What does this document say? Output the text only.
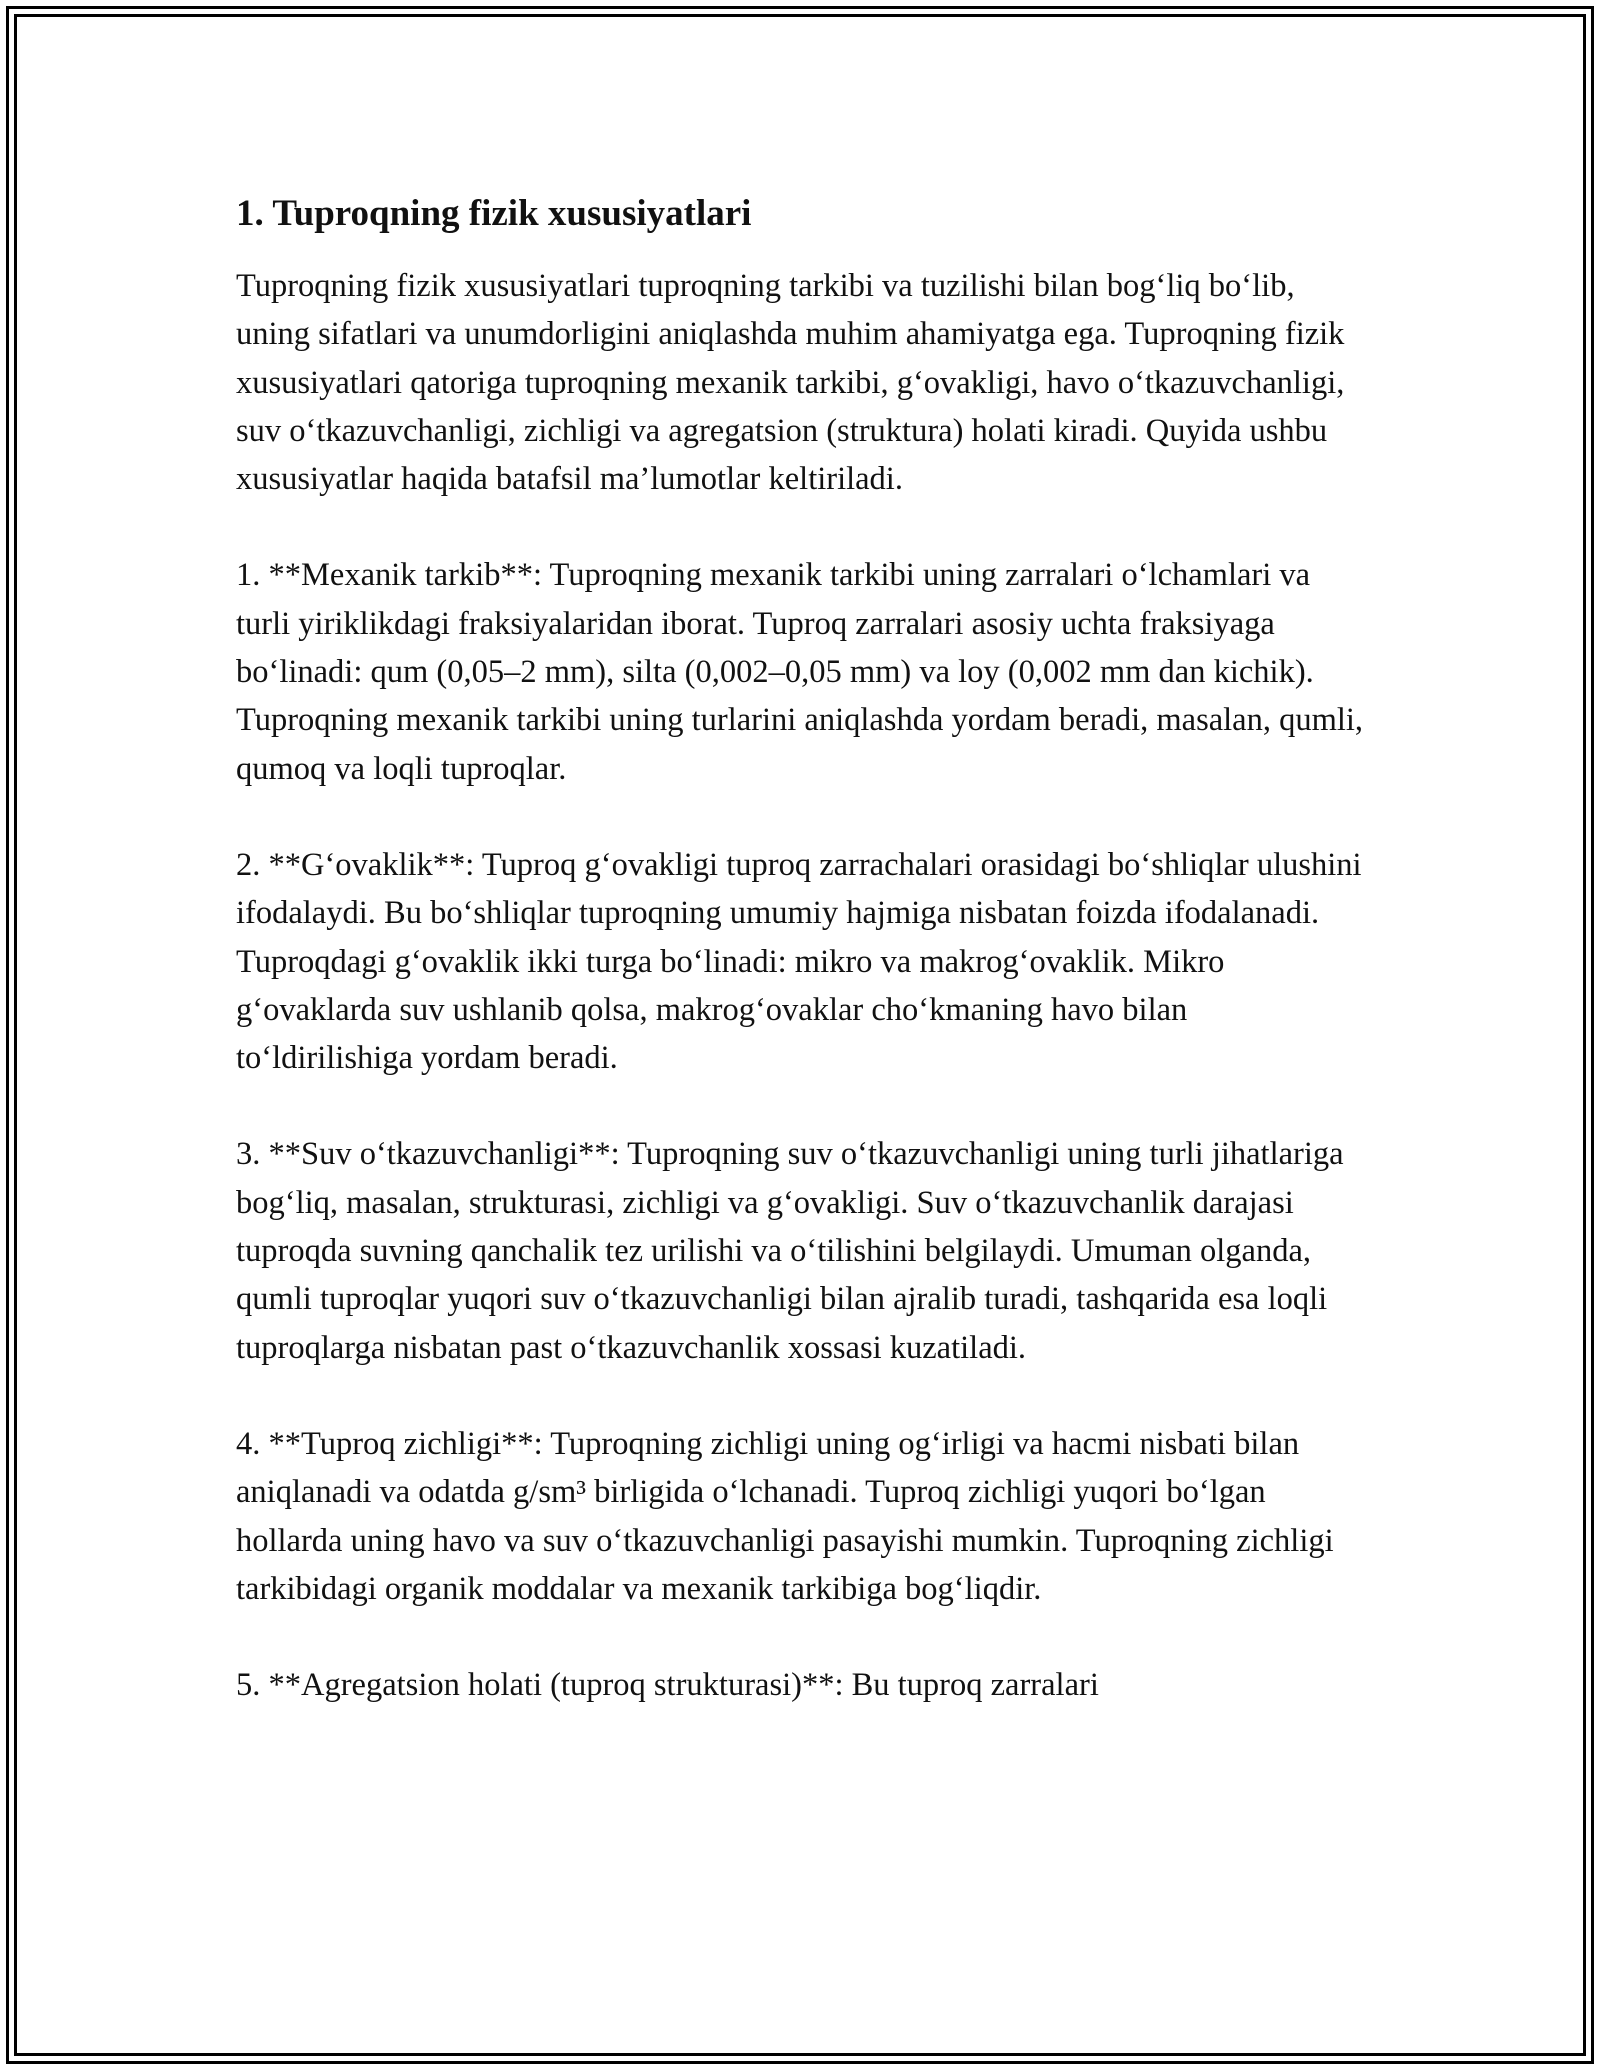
1. Tuproqning fizik xususiyatlari

Tuproqning fizik xususiyatlari tuproqning tarkibi va tuzilishi bilan bog‘liq bo‘lib, uning sifatlari va unumdorligini aniqlashda muhim ahamiyatga ega. Tuproqning fizik xususiyatlari qatoriga tuproqning mexanik tarkibi, g‘ovakligi, havo o‘tkazuvchanligi, suv o‘tkazuvchanligi, zichligi va agregatsion (struktura) holati kiradi. Quyida ushbu xususiyatlar haqida batafsil ma’lumotlar keltiriladi.

1. **Mexanik tarkib**: Tuproqning mexanik tarkibi uning zarralari o‘lchamlari va turli yiriklikdagi fraksiyalaridan iborat. Tuproq zarralari asosiy uchta fraksiyaga bo‘linadi: qum (0,05–2 mm), silta (0,002–0,05 mm) va loy (0,002 mm dan kichik). Tuproqning mexanik tarkibi uning turlarini aniqlashda yordam beradi, masalan, qumli, qumoq va loqli tuproqlar.

2. **G‘ovaklik**: Tuproq g‘ovakligi tuproq zarrachalari orasidagi bo‘shliqlar ulushini ifodalaydi. Bu bo‘shliqlar tuproqning umumiy hajmiga nisbatan foizda ifodalanadi. Tuproqdagi g‘ovaklik ikki turga bo‘linadi: mikro va makrog‘ovaklik. Mikro g‘ovaklarda suv ushlanib qolsa, makrog‘ovaklar cho‘kmaning havo bilan to‘ldirilishiga yordam beradi.

3. **Suv o‘tkazuvchanligi**: Tuproqning suv o‘tkazuvchanligi uning turli jihatlariga bog‘liq, masalan, strukturasi, zichligi va g‘ovakligi. Suv o‘tkazuvchanlik darajasi tuproqda suvning qanchalik tez urilishi va o‘tilishini belgilaydi. Umuman olganda, qumli tuproqlar yuqori suv o‘tkazuvchanligi bilan ajralib turadi, tashqarida esa loqli tuproqlarga nisbatan past o‘tkazuvchanlik xossasi kuzatiladi.

4. **Tuproq zichligi**: Tuproqning zichligi uning og‘irligi va hacmi nisbati bilan aniqlanadi va odatda g/sm³ birligida o‘lchanadi. Tuproq zichligi yuqori bo‘lgan hollarda uning havo va suv o‘tkazuvchanligi pasayishi mumkin. Tuproqning zichligi tarkibidagi organik moddalar va mexanik tarkibiga bog‘liqdir.

5. **Agregatsion holati (tuproq strukturasi)**: Bu tuproq zarralari
